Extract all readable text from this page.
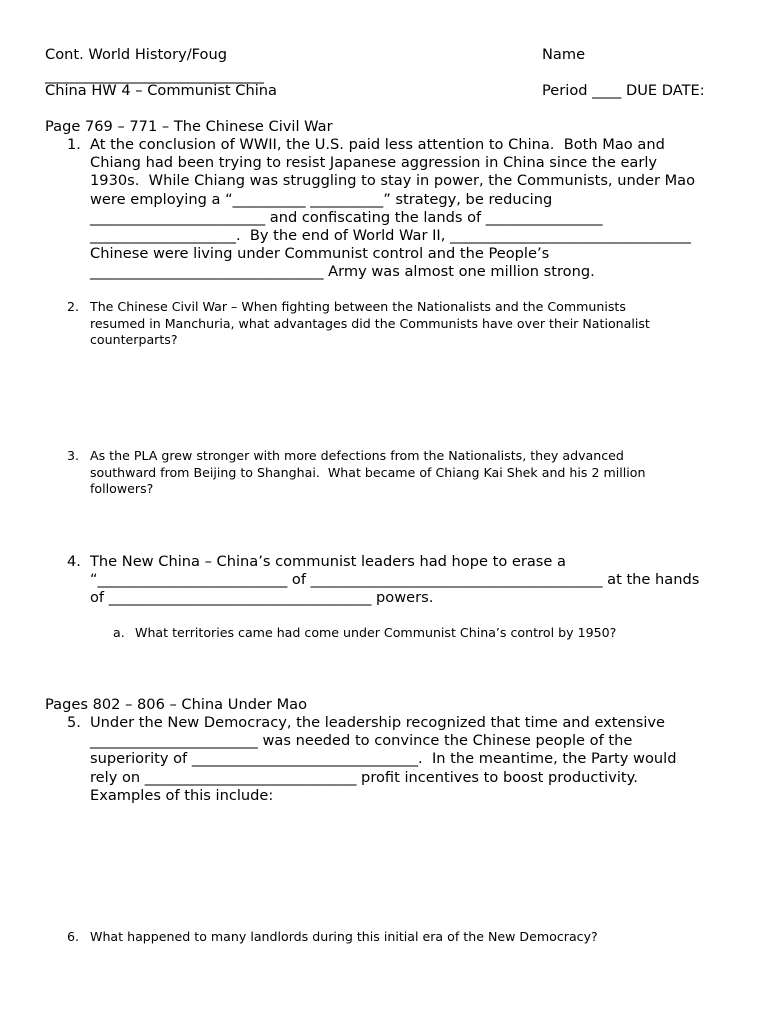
Cont. World History/Foug	Name
______________________________
China HW 4 – Communist China	Period ____ DUE DATE:
Page 769 – 771 – The Chinese Civil War
1. At the conclusion of WWII, the U.S. paid less attention to China.  Both Mao and
Chiang had been trying to resist Japanese aggression in China since the early
1930s.  While Chiang was struggling to stay in power, the Communists, under Mao
were employing a “__________ __________” strategy, be reducing
________________________ and confiscating the lands of ________________
____________________.  By the end of World War II, _________________________________
Chinese were living under Communist control and the People’s
________________________________ Army was almost one million strong.
2. The Chinese Civil War – When fighting between the Nationalists and the Communists
resumed in Manchuria, what advantages did the Communists have over their Nationalist
counterparts?
3. As the PLA grew stronger with more defections from the Nationalists, they advanced
southward from Beijing to Shanghai.  What became of Chiang Kai Shek and his 2 million
followers?
4. The New China – China’s communist leaders had hope to erase a
“__________________________ of ________________________________________ at the hands
of ____________________________________ powers.
a. What territories came had come under Communist China’s control by 1950?
Pages 802 – 806 – China Under Mao
5. Under the New Democracy, the leadership recognized that time and extensive
_______________________ was needed to convince the Chinese people of the
superiority of _______________________________.  In the meantime, the Party would
rely on _____________________________ profit incentives to boost productivity.
Examples of this include:
6. What happened to many landlords during this initial era of the New Democracy?
